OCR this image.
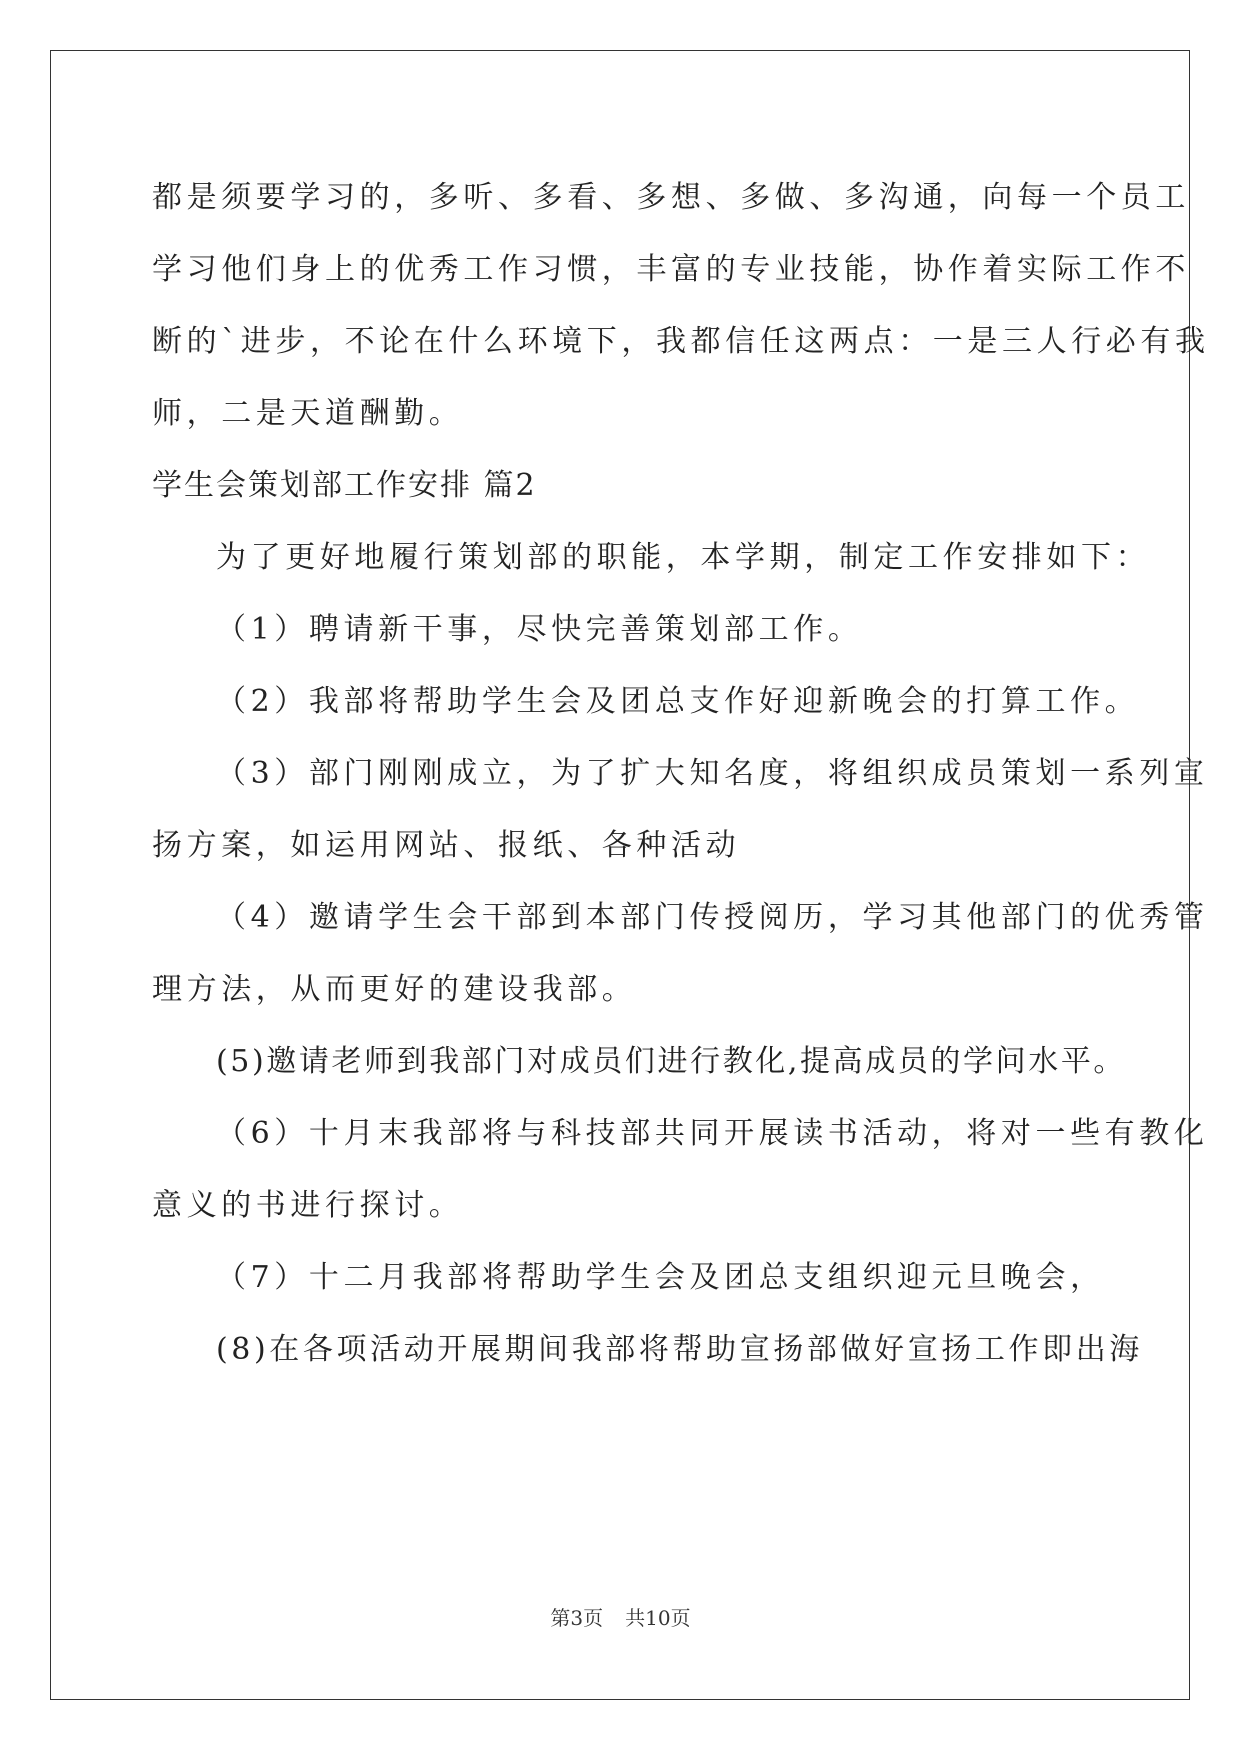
都是须要学习的，多听、多看、多想、多做、多沟通，向每一个员工
学习他们身上的优秀工作习惯，丰富的专业技能，协作着实际工作不
断的`进步，不论在什么环境下，我都信任这两点：一是三人行必有我
师，二是天道酬勤。
学生会策划部工作安排 篇2
为了更好地履行策划部的职能，本学期，制定工作安排如下：
（1）聘请新干事，尽快完善策划部工作。
（2）我部将帮助学生会及团总支作好迎新晚会的打算工作。
（3）部门刚刚成立，为了扩大知名度，将组织成员策划一系列宣
扬方案，如运用网站、报纸、各种活动
（4）邀请学生会干部到本部门传授阅历，学习其他部门的优秀管
理方法，从而更好的建设我部。
(5)邀请老师到我部门对成员们进行教化,提高成员的学问水平。
（6）十月末我部将与科技部共同开展读书活动，将对一些有教化
意义的书进行探讨。
（7）十二月我部将帮助学生会及团总支组织迎元旦晚会，
(8)在各项活动开展期间我部将帮助宣扬部做好宣扬工作即出海
第3页 共10页
